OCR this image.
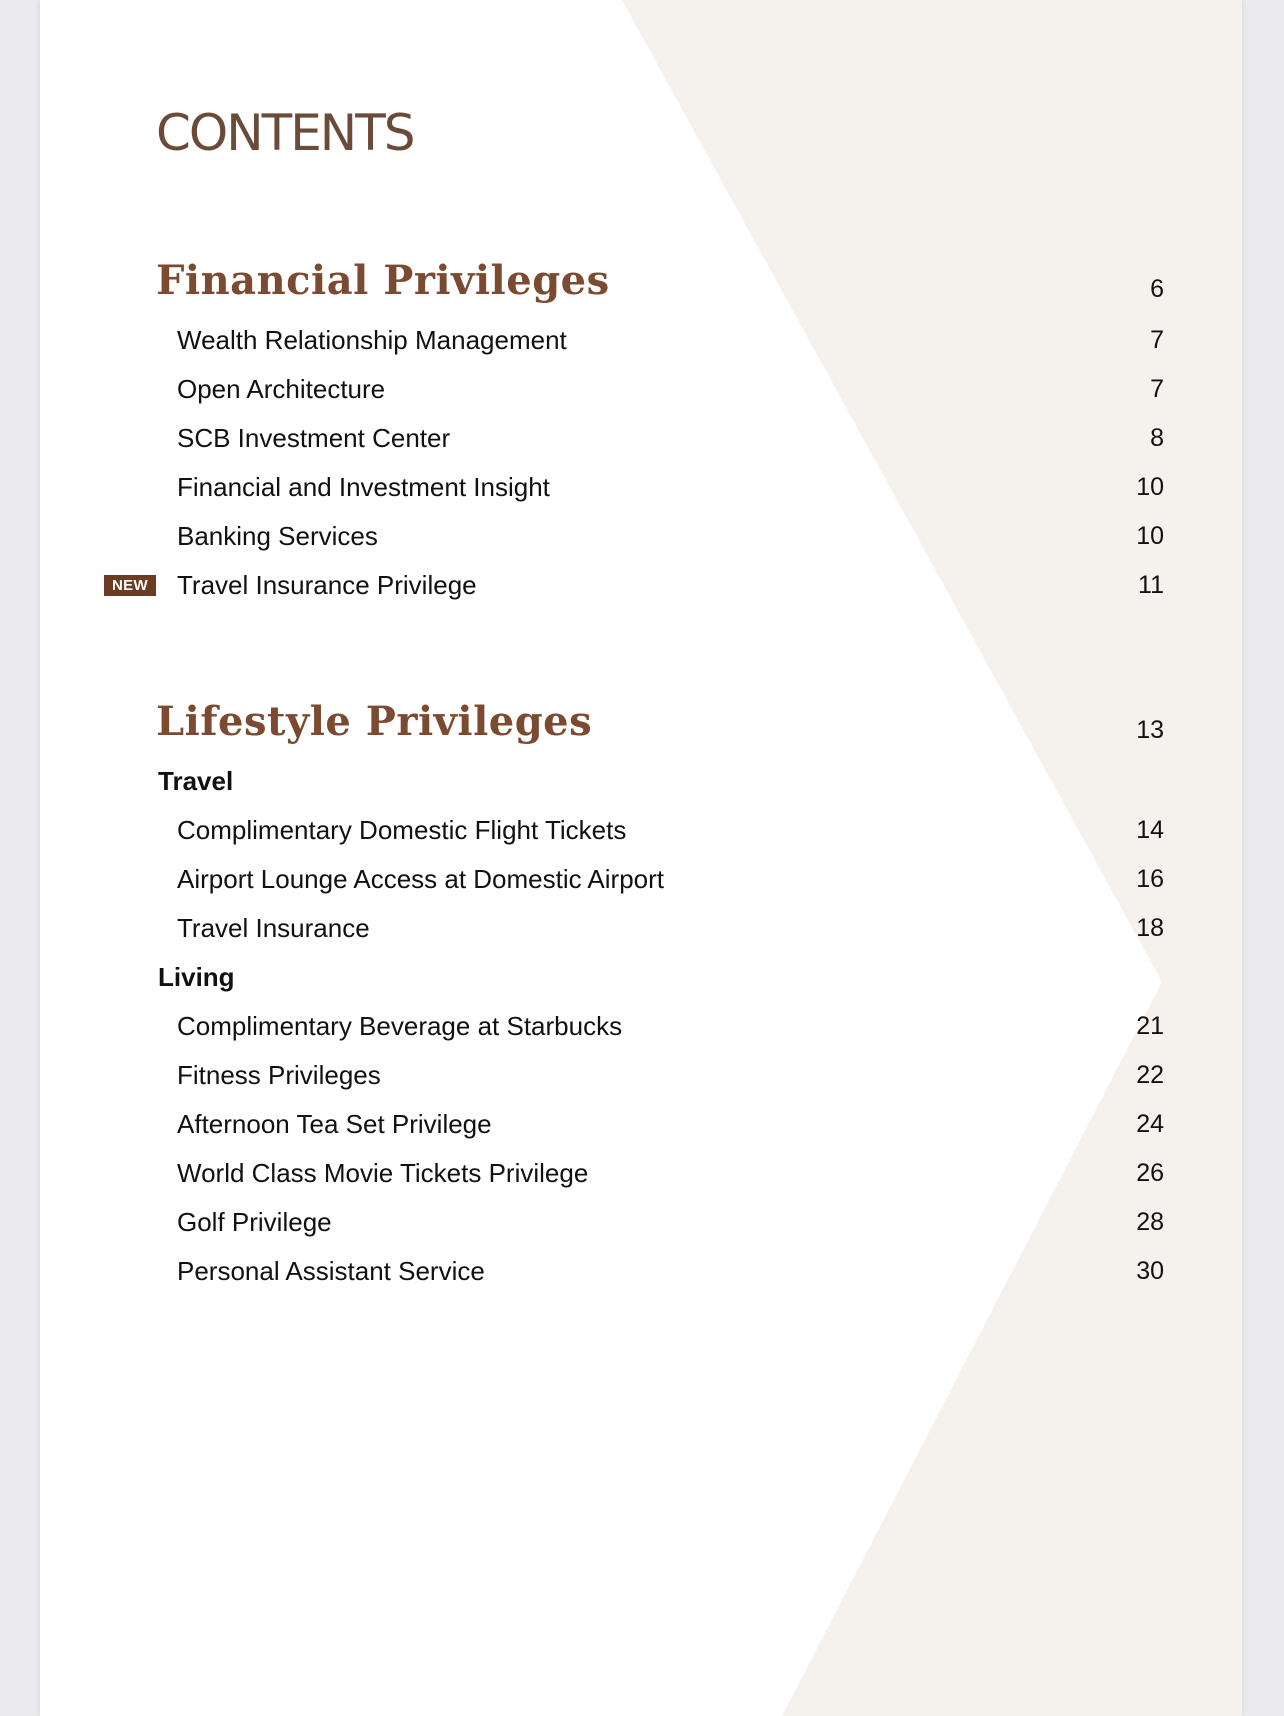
CONTENTS
Financial Privileges	6
Wealth Relationship Management	7
Open Architecture	7
SCB Investment Center	8
Financial and Investment Insight	10
Banking Services	10
NEW	Travel Insurance Privilege	11
Lifestyle Privileges	13
Travel
Complimentary Domestic Flight Tickets	14
Airport Lounge Access at Domestic Airport	16
Travel Insurance	18
Living
Complimentary Beverage at Starbucks	21
Fitness Privileges	22
Afternoon Tea Set Privilege	24
World Class Movie Tickets Privilege	26
Golf Privilege	28
Personal Assistant Service	30
